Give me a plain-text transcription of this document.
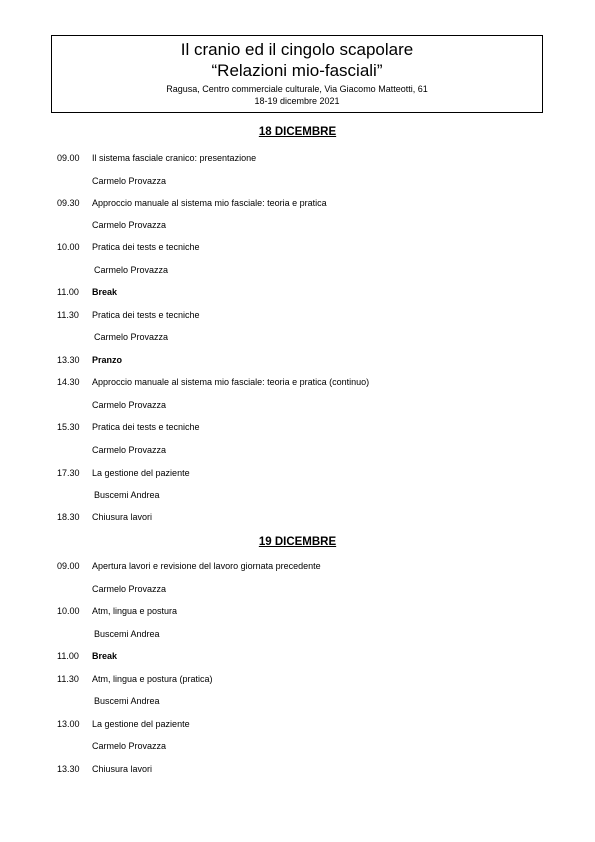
Il cranio ed il cingolo scapolare
“Relazioni mio-fasciali”
Ragusa, Centro commerciale culturale, Via Giacomo Matteotti, 61
18-19 dicembre 2021
18 DICEMBRE
09.00 Il sistema fasciale cranico: presentazione
Carmelo Provazza
09.30 Approccio manuale al sistema mio fasciale: teoria e pratica
Carmelo Provazza
10.00 Pratica dei tests e tecniche
Carmelo Provazza
11.00 Break
11.30 Pratica dei tests e tecniche
Carmelo Provazza
13.30 Pranzo
14.30 Approccio manuale al sistema mio fasciale: teoria e pratica (continuo)
Carmelo Provazza
15.30 Pratica dei tests e tecniche
Carmelo Provazza
17.30 La gestione del paziente
Buscemi Andrea
18.30 Chiusura lavori
19 DICEMBRE
09.00 Apertura lavori e revisione del lavoro giornata precedente
Carmelo Provazza
10.00 Atm, lingua e postura
Buscemi Andrea
11.00 Break
11.30 Atm, lingua e postura (pratica)
Buscemi Andrea
13.00 La gestione del paziente
Carmelo Provazza
13.30 Chiusura lavori
